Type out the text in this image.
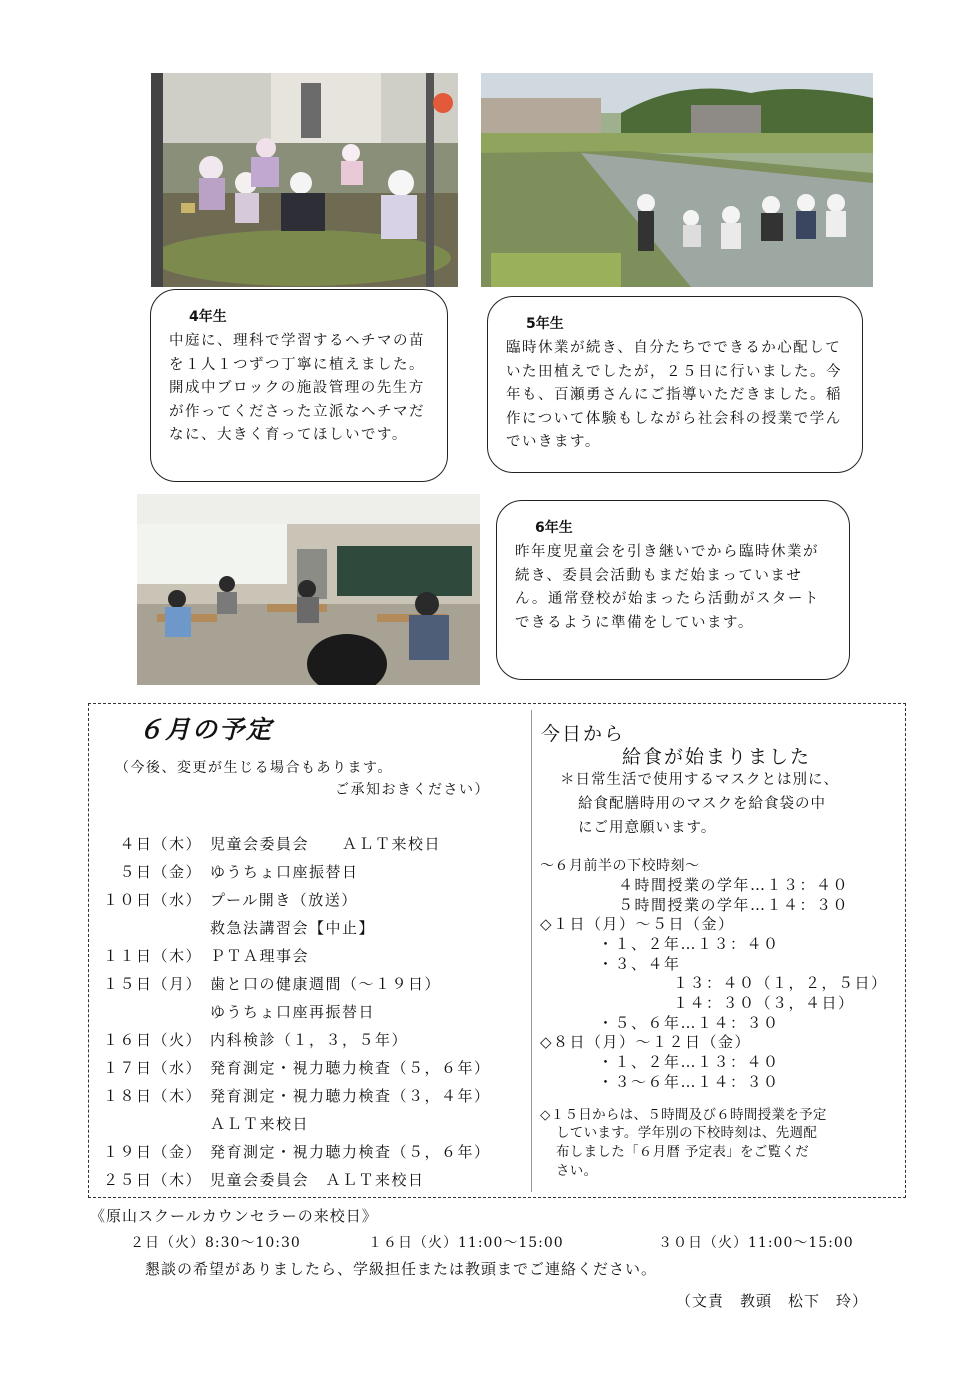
4年生
中庭に、理科で学習するヘチマの苗を１人１つずつ丁寧に植えました。開成中ブロックの施設管理の先生方が作ってくださった立派なヘチマだなに、大きく育ってほしいです。
5年生
臨時休業が続き、自分たちでできるか心配していた田植えでしたが，２５日に行いました。今年も、百瀬勇さんにご指導いただきました。稲作について体験もしながら社会科の授業で学んでいきます。
6年生
昨年度児童会を引き継いでから臨時休業が続き、委員会活動もまだ始まっていません。通常登校が始まったら活動がスタートできるように準備をしています。
６月の予定
（今後、変更が生じる場合もあります。
ご承知おきください）
４日（木） 児童会委員会　　ＡＬＴ来校日
５日（金） ゆうちょ口座振替日
１０日（水） プール開き（放送）
救急法講習会【中止】
１１日（木） ＰＴＡ理事会
１５日（月） 歯と口の健康週間（～１９日）
ゆうちょ口座再振替日
１６日（火） 内科検診（１，３，５年）
１７日（水） 発育測定・視力聴力検査（５，６年）
１８日（木） 発育測定・視力聴力検査（３，４年）
ＡＬＴ来校日
１９日（金） 発育測定・視力聴力検査（５，６年）
２５日（木） 児童会委員会　ＡＬＴ来校日
今日から
給食が始まりました
＊日常生活で使用するマスクとは別に、
給食配膳時用のマスクを給食袋の中
にご用意願います。
～６月前半の下校時刻～
４時間授業の学年…１３：４０
５時間授業の学年…１４：３０
◇１日（月）～５日（金）
・１、２年…１３：４０
・３、４年
１３：４０（１，２，５日）
１４：３０（３，４日）
・５、６年…１４：３０
◇８日（月）～１２日（金）
・１、２年…１３：４０
・３～６年…１４：３０
◇１５日からは、５時間及び６時間授業を予定
しています。学年別の下校時刻は、先週配
布しました「６月暦 予定表」をご覧くだ
さい。
《原山スクールカウンセラーの来校日》
２日（火）8:30～10:30	１６日（火）11:00～15:00	３０日（火）11:00～15:00
懇談の希望がありましたら、学級担任または教頭までご連絡ください。
（文責　教頭　松下　玲）
